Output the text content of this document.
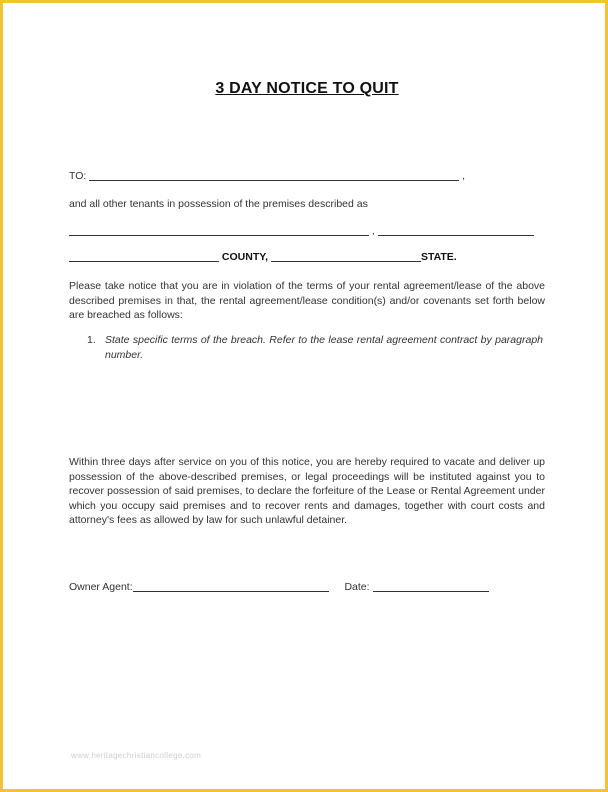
3 DAY NOTICE TO QUIT
TO:	,
and all other tenants in possession of the premises described as
,
COUNTY,	STATE.
Please take notice that you are in violation of the terms of your rental agreement/lease of the above described premises in that, the rental agreement/lease condition(s) and/or covenants set forth below are breached as follows:
1. State specific terms of the breach. Refer to the lease rental agreement contract by paragraph number.
Within three days after service on you of this notice, you are hereby required to vacate and deliver up possession of the above-described premises, or legal proceedings will be instituted against you to recover possession of said premises, to declare the forfeiture of the Lease or Rental Agreement under which you occupy said premises and to recover rents and damages, together with court costs and attorney's fees as allowed by law for such unlawful detainer.
Owner Agent:	Date:
www.heritagechristiancollege.com
